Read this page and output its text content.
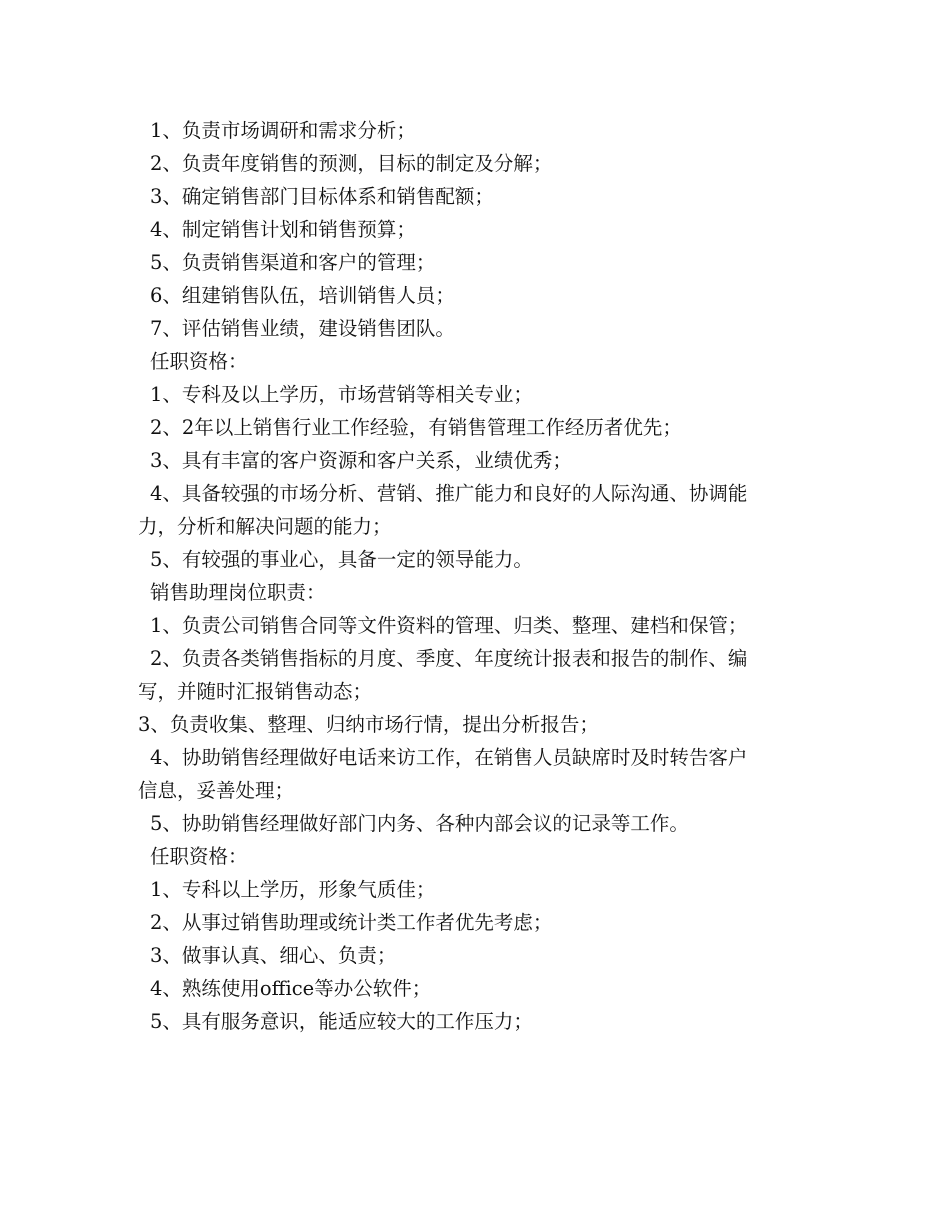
1、负责市场调研和需求分析；
2、负责年度销售的预测，目标的制定及分解；
3、确定销售部门目标体系和销售配额；
4、制定销售计划和销售预算；
5、负责销售渠道和客户的管理；
6、组建销售队伍，培训销售人员；
7、评估销售业绩，建设销售团队。
任职资格：
1、专科及以上学历，市场营销等相关专业；
2、2年以上销售行业工作经验，有销售管理工作经历者优先；
3、具有丰富的客户资源和客户关系，业绩优秀；
4、具备较强的市场分析、营销、推广能力和良好的人际沟通、协调能
力，分析和解决问题的能力；
5、有较强的事业心，具备一定的领导能力。
销售助理岗位职责：
1、负责公司销售合同等文件资料的管理、归类、整理、建档和保管；
2、负责各类销售指标的月度、季度、年度统计报表和报告的制作、编
写，并随时汇报销售动态；
3、负责收集、整理、归纳市场行情，提出分析报告；
4、协助销售经理做好电话来访工作，在销售人员缺席时及时转告客户
信息，妥善处理；
5、协助销售经理做好部门内务、各种内部会议的记录等工作。
任职资格：
1、专科以上学历，形象气质佳；
2、从事过销售助理或统计类工作者优先考虑；
3、做事认真、细心、负责；
4、熟练使用office等办公软件；
5、具有服务意识，能适应较大的工作压力；
